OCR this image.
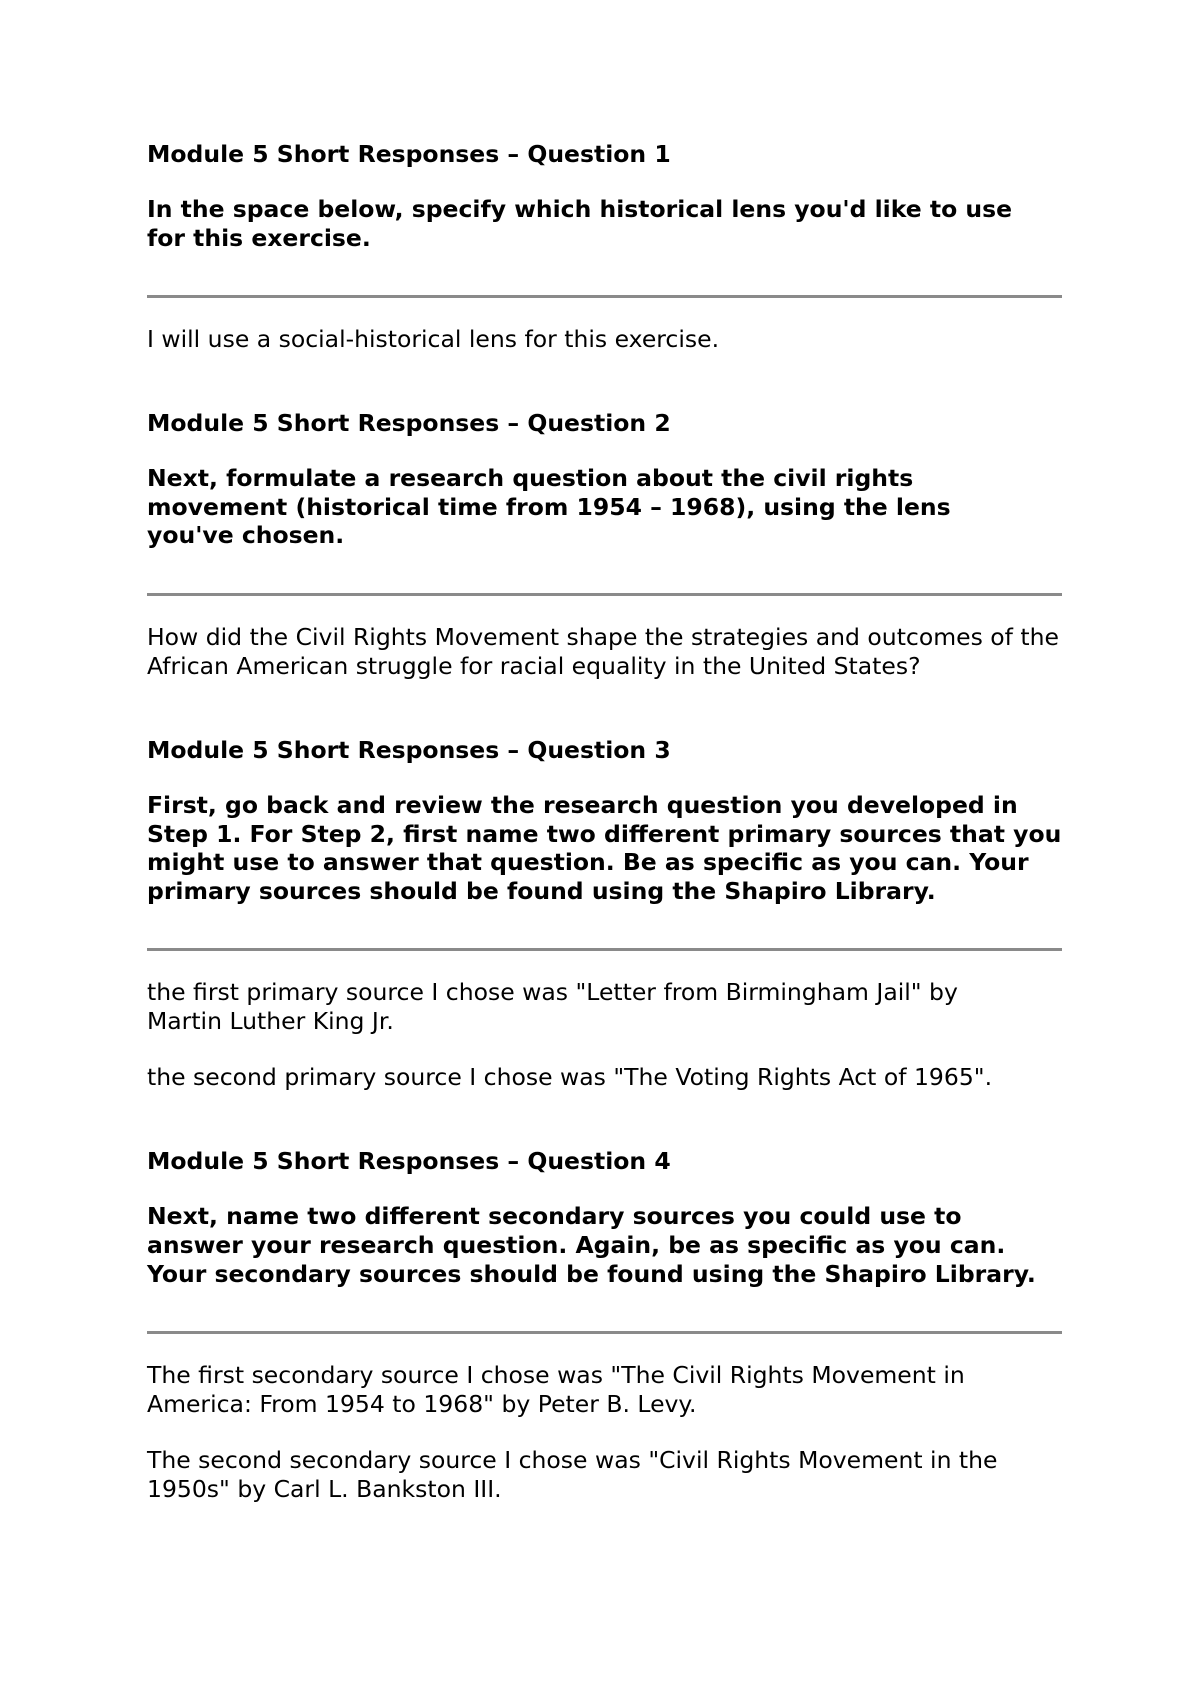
Module 5 Short Responses – Question 1

In the space below, specify which historical lens you'd like to use for this exercise.

I will use a social-historical lens for this exercise.

Module 5 Short Responses – Question 2

Next, formulate a research question about the civil rights movement (historical time from 1954 – 1968), using the lens you've chosen.

How did the Civil Rights Movement shape the strategies and outcomes of the African American struggle for racial equality in the United States?

Module 5 Short Responses – Question 3

First, go back and review the research question you developed in Step 1. For Step 2, first name two different primary sources that you might use to answer that question. Be as specific as you can. Your primary sources should be found using the Shapiro Library.

the first primary source I chose was "Letter from Birmingham Jail" by Martin Luther King Jr.

the second primary source I chose was "The Voting Rights Act of 1965".

Module 5 Short Responses – Question 4

Next, name two different secondary sources you could use to answer your research question. Again, be as specific as you can. Your secondary sources should be found using the Shapiro Library.

The first secondary source I chose was "The Civil Rights Movement in America: From 1954 to 1968" by Peter B. Levy.

The second secondary source I chose was "Civil Rights Movement in the 1950s" by Carl L. Bankston III.
